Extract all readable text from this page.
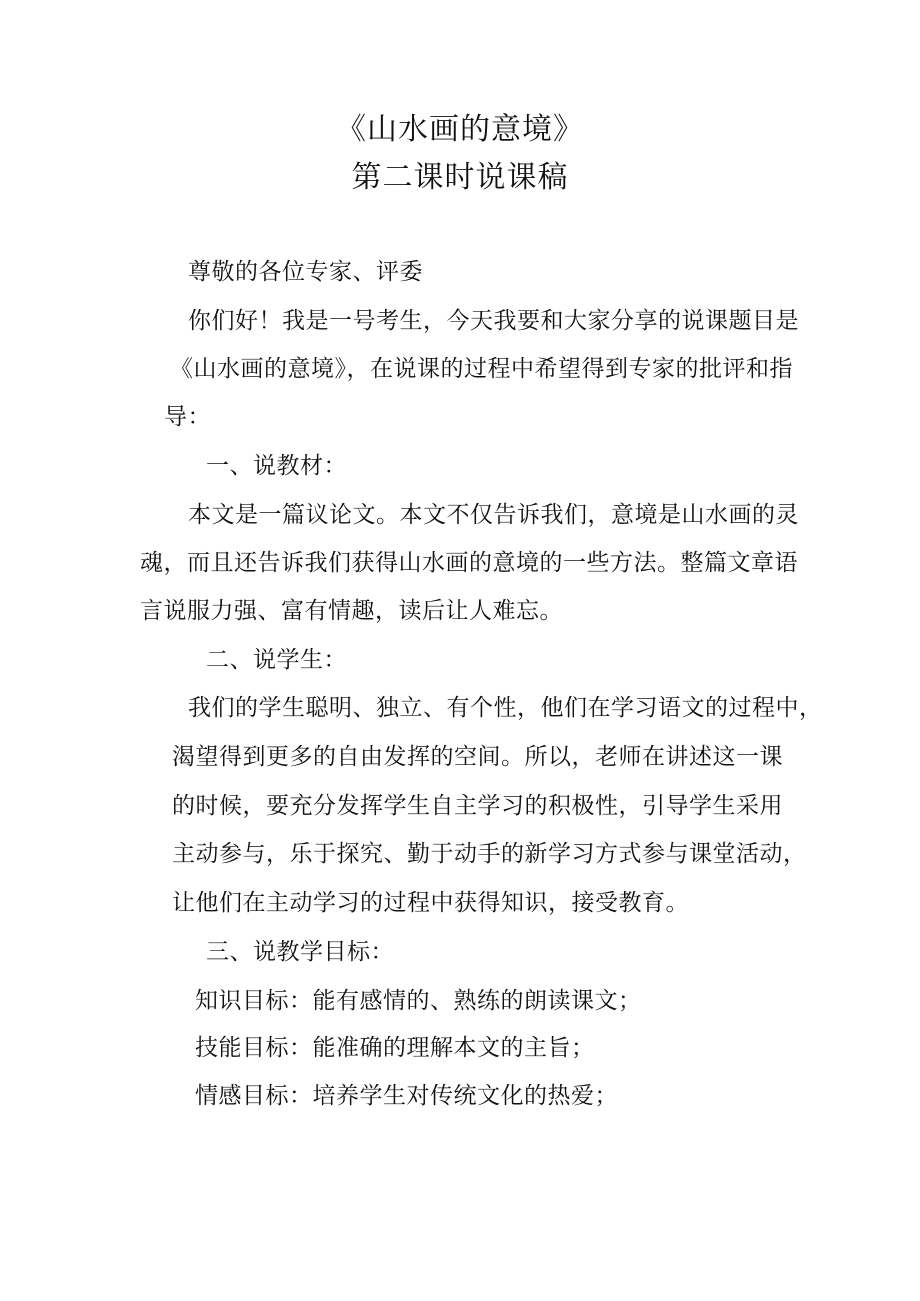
《山水画的意境》
第二课时说课稿
尊敬的各位专家、评委
你们好！我是一号考生，今天我要和大家分享的说课题目是
《山水画的意境》，在说课的过程中希望得到专家的批评和指
导：
一、说教材：
本文是一篇议论文。本文不仅告诉我们，意境是山水画的灵
魂，而且还告诉我们获得山水画的意境的一些方法。整篇文章语
言说服力强、富有情趣，读后让人难忘。
二、说学生：
我们的学生聪明、独立、有个性，他们在学习语文的过程中，
渴望得到更多的自由发挥的空间。所以，老师在讲述这一课
的时候，要充分发挥学生自主学习的积极性，引导学生采用
主动参与，乐于探究、勤于动手的新学习方式参与课堂活动，
让他们在主动学习的过程中获得知识，接受教育。
三、说教学目标：
知识目标：能有感情的、熟练的朗读课文；
技能目标：能准确的理解本文的主旨；
情感目标：培养学生对传统文化的热爱；
